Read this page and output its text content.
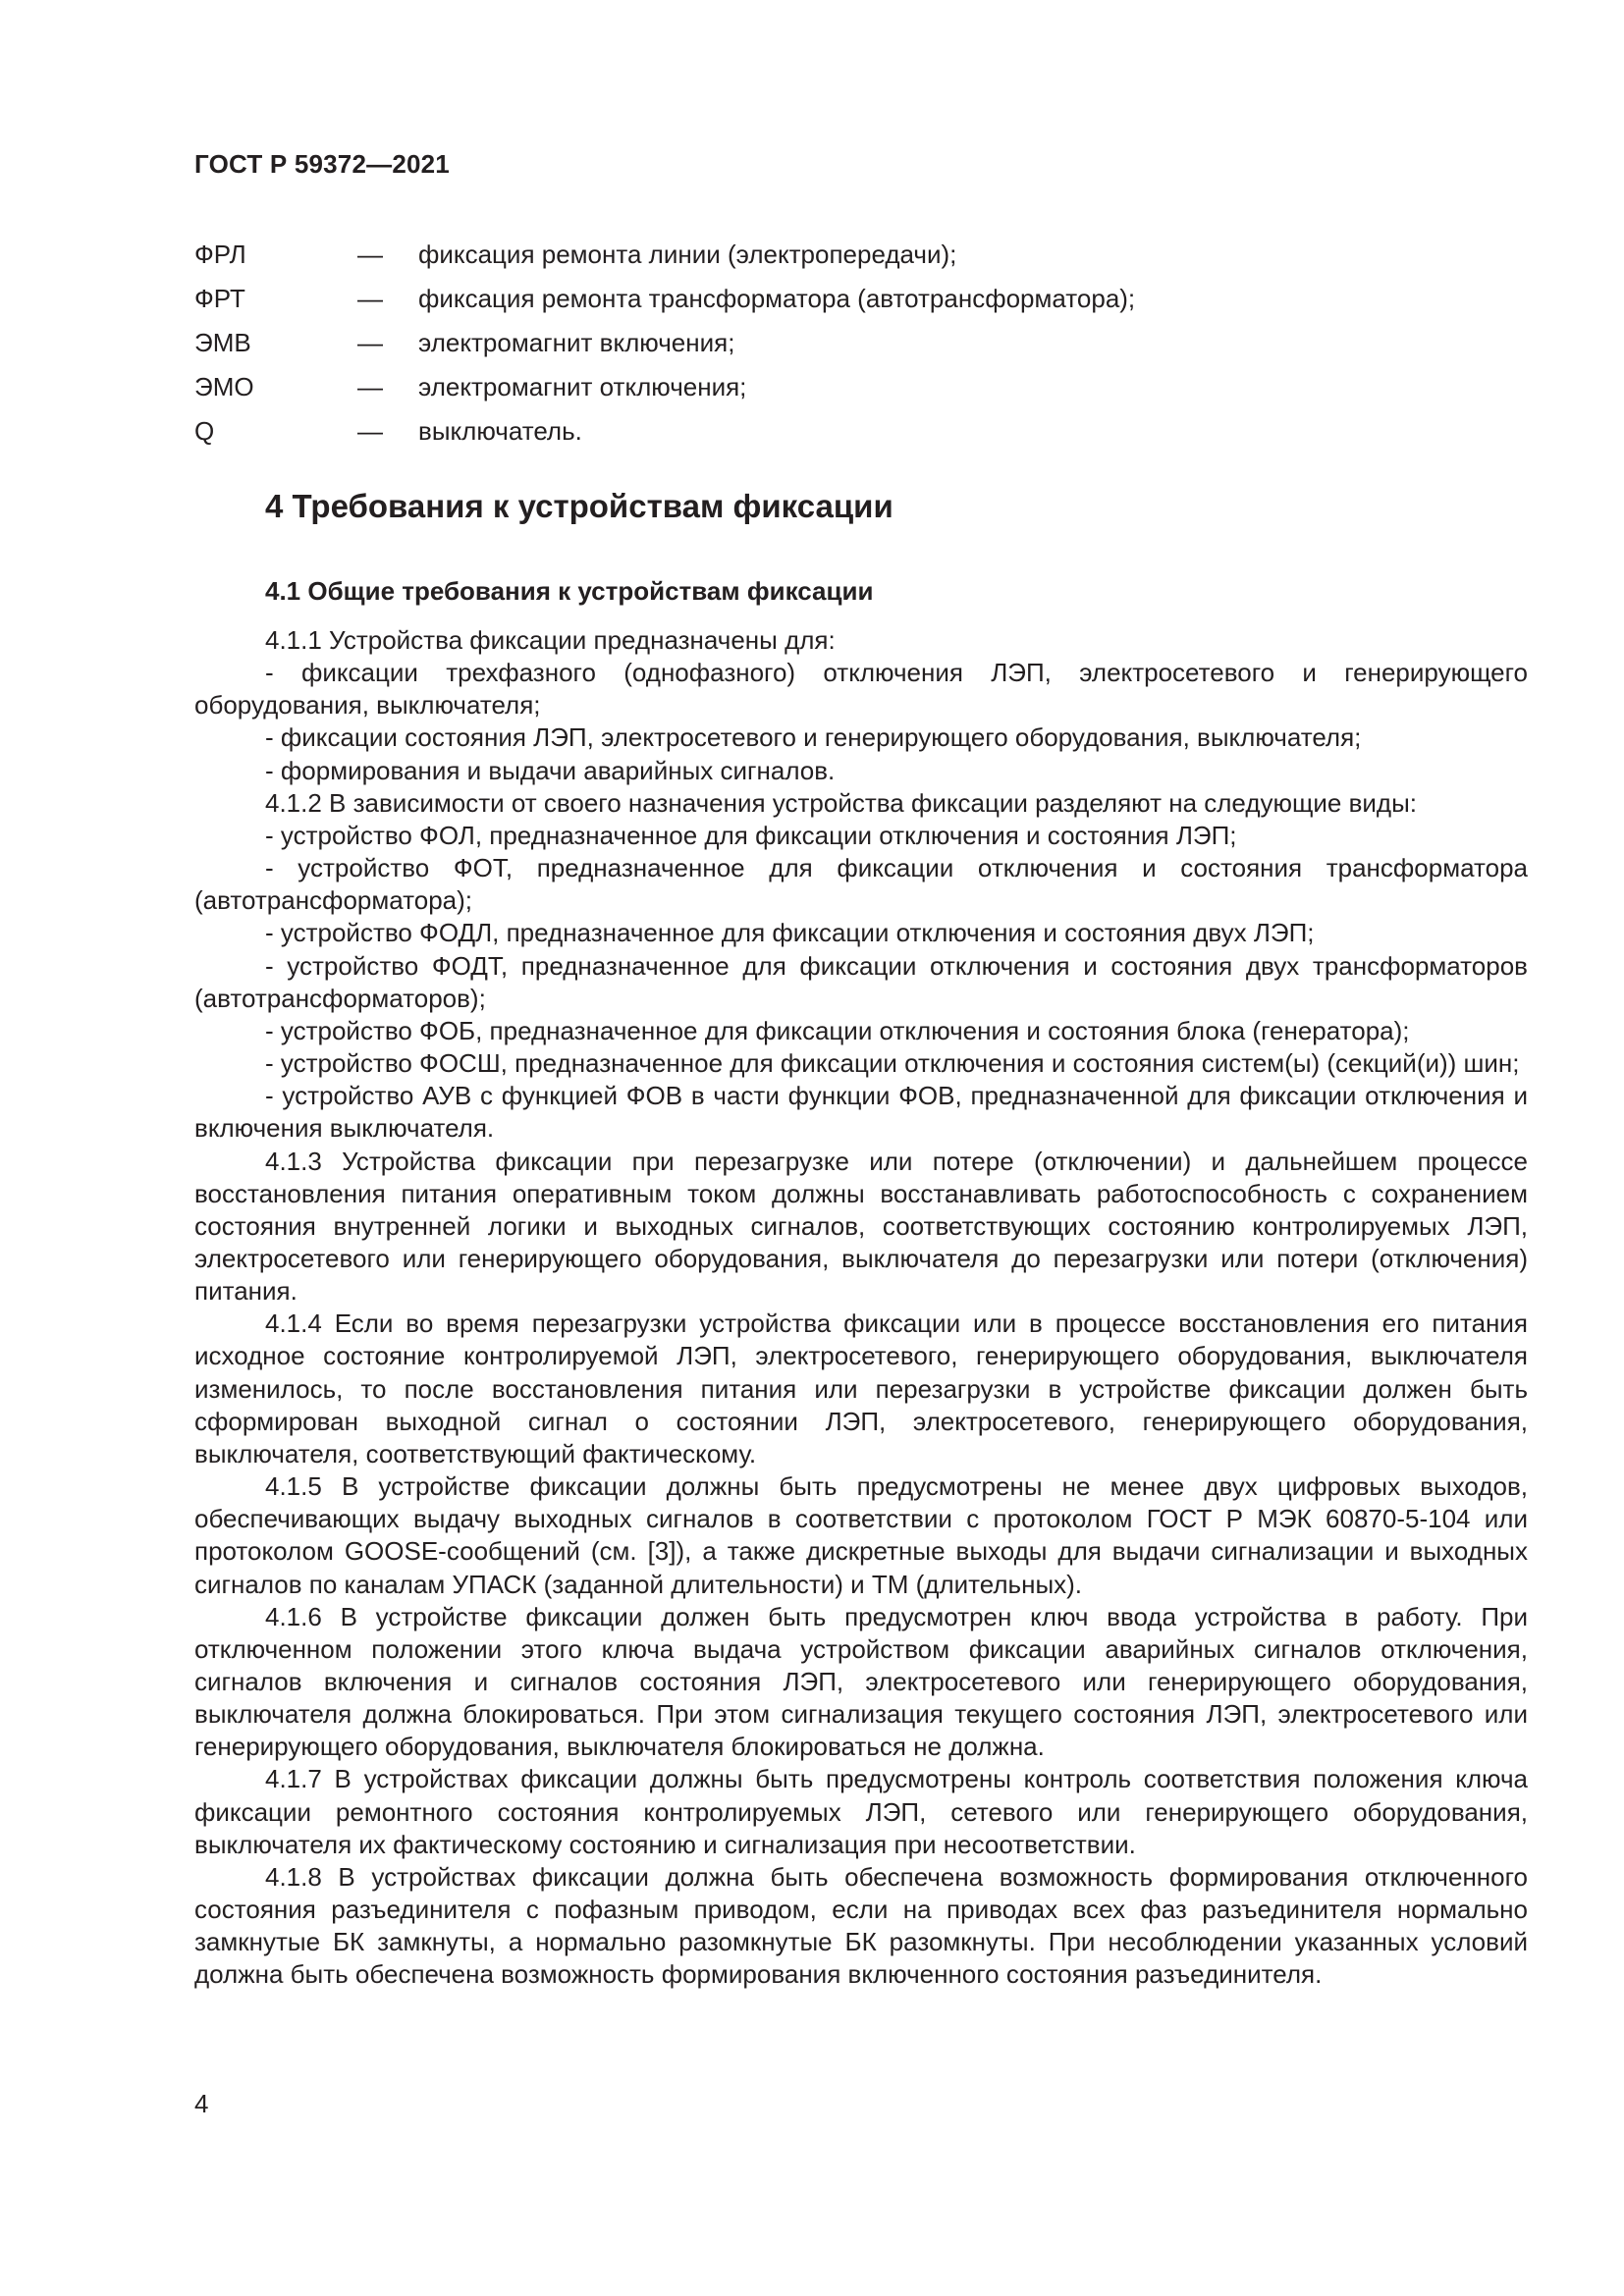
ГОСТ Р 59372—2021
ФРЛ	— фиксация ремонта линии (электропередачи);
ФРТ	— фиксация ремонта трансформатора (автотрансформатора);
ЭМВ	— электромагнит включения;
ЭМО	— электромагнит отключения;
Q	— выключатель.
4 Требования к устройствам фиксации
4.1 Общие требования к устройствам фиксации

4.1.1 Устройства фиксации предназначены для:

- фиксации трехфазного (однофазного) отключения ЛЭП, электросетевого и генерирующего оборудования, выключателя;

- фиксации состояния ЛЭП, электросетевого и генерирующего оборудования, выключателя;

- формирования и выдачи аварийных сигналов.

4.1.2 В зависимости от своего назначения устройства фиксации разделяют на следующие виды:

- устройство ФОЛ, предназначенное для фиксации отключения и состояния ЛЭП;

- устройство ФОТ, предназначенное для фиксации отключения и состояния трансформатора (автотрансформатора);

- устройство ФОДЛ, предназначенное для фиксации отключения и состояния двух ЛЭП;

- устройство ФОДТ, предназначенное для фиксации отключения и состояния двух трансформаторов (автотрансформаторов);

- устройство ФОБ, предназначенное для фиксации отключения и состояния блока (генератора);

- устройство ФОСШ, предназначенное для фиксации отключения и состояния систем(ы) (секций(и)) шин;

- устройство АУВ с функцией ФОВ в части функции ФОВ, предназначенной для фиксации отключения и включения выключателя.

4.1.3 Устройства фиксации при перезагрузке или потере (отключении) и дальнейшем процессе восстановления питания оперативным током должны восстанавливать работоспособность с сохранением состояния внутренней логики и выходных сигналов, соответствующих состоянию контролируемых ЛЭП, электросетевого или генерирующего оборудования, выключателя до перезагрузки или потери (отключения) питания.

4.1.4 Если во время перезагрузки устройства фиксации или в процессе восстановления его питания исходное состояние контролируемой ЛЭП, электросетевого, генерирующего оборудования, выключателя изменилось, то после восстановления питания или перезагрузки в устройстве фиксации должен быть сформирован выходной сигнал о состоянии ЛЭП, электросетевого, генерирующего оборудования, выключателя, соответствующий фактическому.

4.1.5 В устройстве фиксации должны быть предусмотрены не менее двух цифровых выходов, обеспечивающих выдачу выходных сигналов в соответствии с протоколом ГОСТ Р МЭК 60870-5-104 или протоколом GOOSE-сообщений (см. [3]), а также дискретные выходы для выдачи сигнализации и выходных сигналов по каналам УПАСК (заданной длительности) и ТМ (длительных).

4.1.6 В устройстве фиксации должен быть предусмотрен ключ ввода устройства в работу. При отключенном положении этого ключа выдача устройством фиксации аварийных сигналов отключения, сигналов включения и сигналов состояния ЛЭП, электросетевого или генерирующего оборудования, выключателя должна блокироваться. При этом сигнализация текущего состояния ЛЭП, электросетевого или генерирующего оборудования, выключателя блокироваться не должна.

4.1.7 В устройствах фиксации должны быть предусмотрены контроль соответствия положения ключа фиксации ремонтного состояния контролируемых ЛЭП, сетевого или генерирующего оборудования, выключателя их фактическому состоянию и сигнализация при несоответствии.

4.1.8 В устройствах фиксации должна быть обеспечена возможность формирования отключенного состояния разъединителя с пофазным приводом, если на приводах всех фаз разъединителя нормально замкнутые БК замкнуты, а нормально разомкнутые БК разомкнуты. При несоблюдении указанных условий должна быть обеспечена возможность формирования включенного состояния разъединителя.

4
